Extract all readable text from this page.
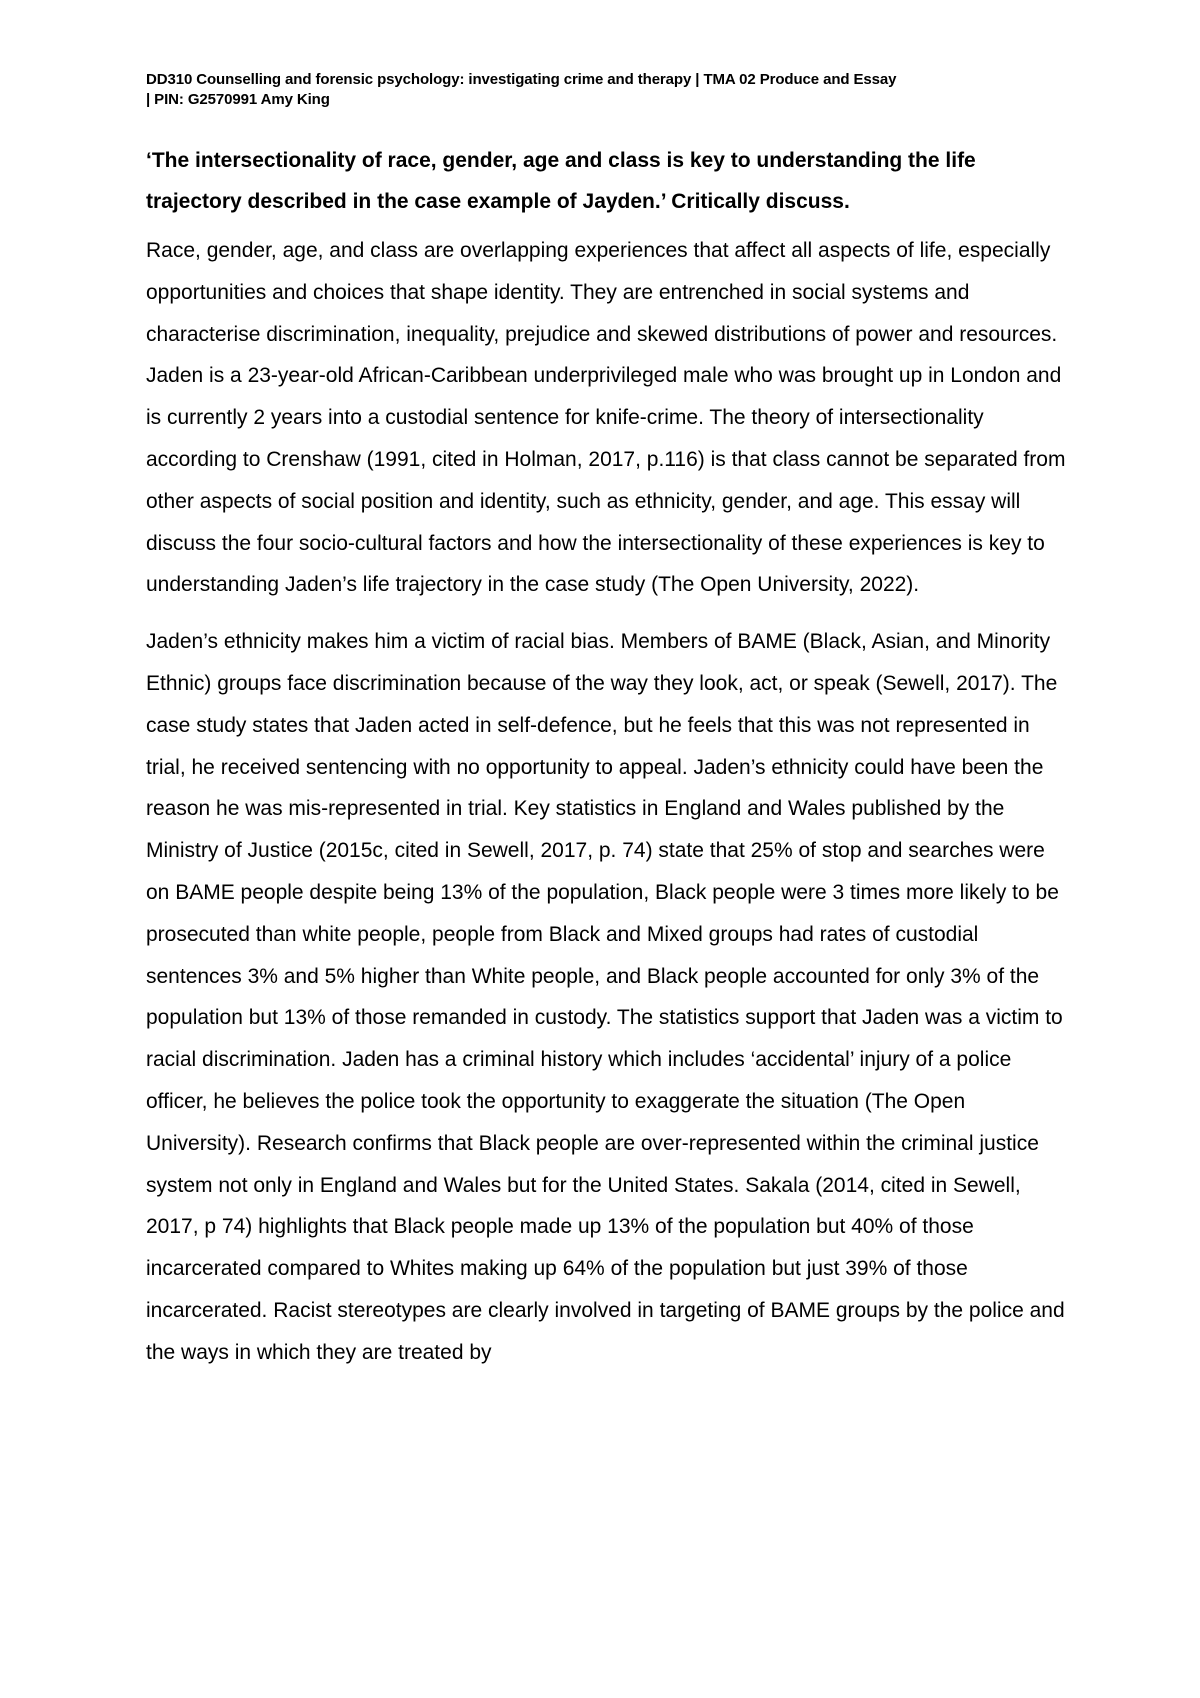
DD310 Counselling and forensic psychology: investigating crime and therapy | TMA 02 Produce and Essay
| PIN: G2570991 Amy King

‘The intersectionality of race, gender, age and class is key to understanding the life trajectory described in the case example of Jayden.’ Critically discuss.

Race, gender, age, and class are overlapping experiences that affect all aspects of life, especially opportunities and choices that shape identity. They are entrenched in social systems and characterise discrimination, inequality, prejudice and skewed distributions of power and resources. Jaden is a 23-year-old African-Caribbean underprivileged male who was brought up in London and is currently 2 years into a custodial sentence for knife-crime. The theory of intersectionality according to Crenshaw (1991, cited in Holman, 2017, p.116) is that class cannot be separated from other aspects of social position and identity, such as ethnicity, gender, and age. This essay will discuss the four socio-cultural factors and how the intersectionality of these experiences is key to understanding Jaden’s life trajectory in the case study (The Open University, 2022).

Jaden’s ethnicity makes him a victim of racial bias. Members of BAME (Black, Asian, and Minority Ethnic) groups face discrimination because of the way they look, act, or speak (Sewell, 2017). The case study states that Jaden acted in self-defence, but he feels that this was not represented in trial, he received sentencing with no opportunity to appeal. Jaden’s ethnicity could have been the reason he was mis-represented in trial. Key statistics in England and Wales published by the Ministry of Justice (2015c, cited in Sewell, 2017, p. 74) state that 25% of stop and searches were on BAME people despite being 13% of the population, Black people were 3 times more likely to be prosecuted than white people, people from Black and Mixed groups had rates of custodial sentences 3% and 5% higher than White people, and Black people accounted for only 3% of the population but 13% of those remanded in custody. The statistics support that Jaden was a victim to racial discrimination. Jaden has a criminal history which includes ‘accidental’ injury of a police officer, he believes the police took the opportunity to exaggerate the situation (The Open University). Research confirms that Black people are over-represented within the criminal justice system not only in England and Wales but for the United States. Sakala (2014, cited in Sewell, 2017, p 74) highlights that Black people made up 13% of the population but 40% of those incarcerated compared to Whites making up 64% of the population but just 39% of those incarcerated. Racist stereotypes are clearly involved in targeting of BAME groups by the police and the ways in which they are treated by
